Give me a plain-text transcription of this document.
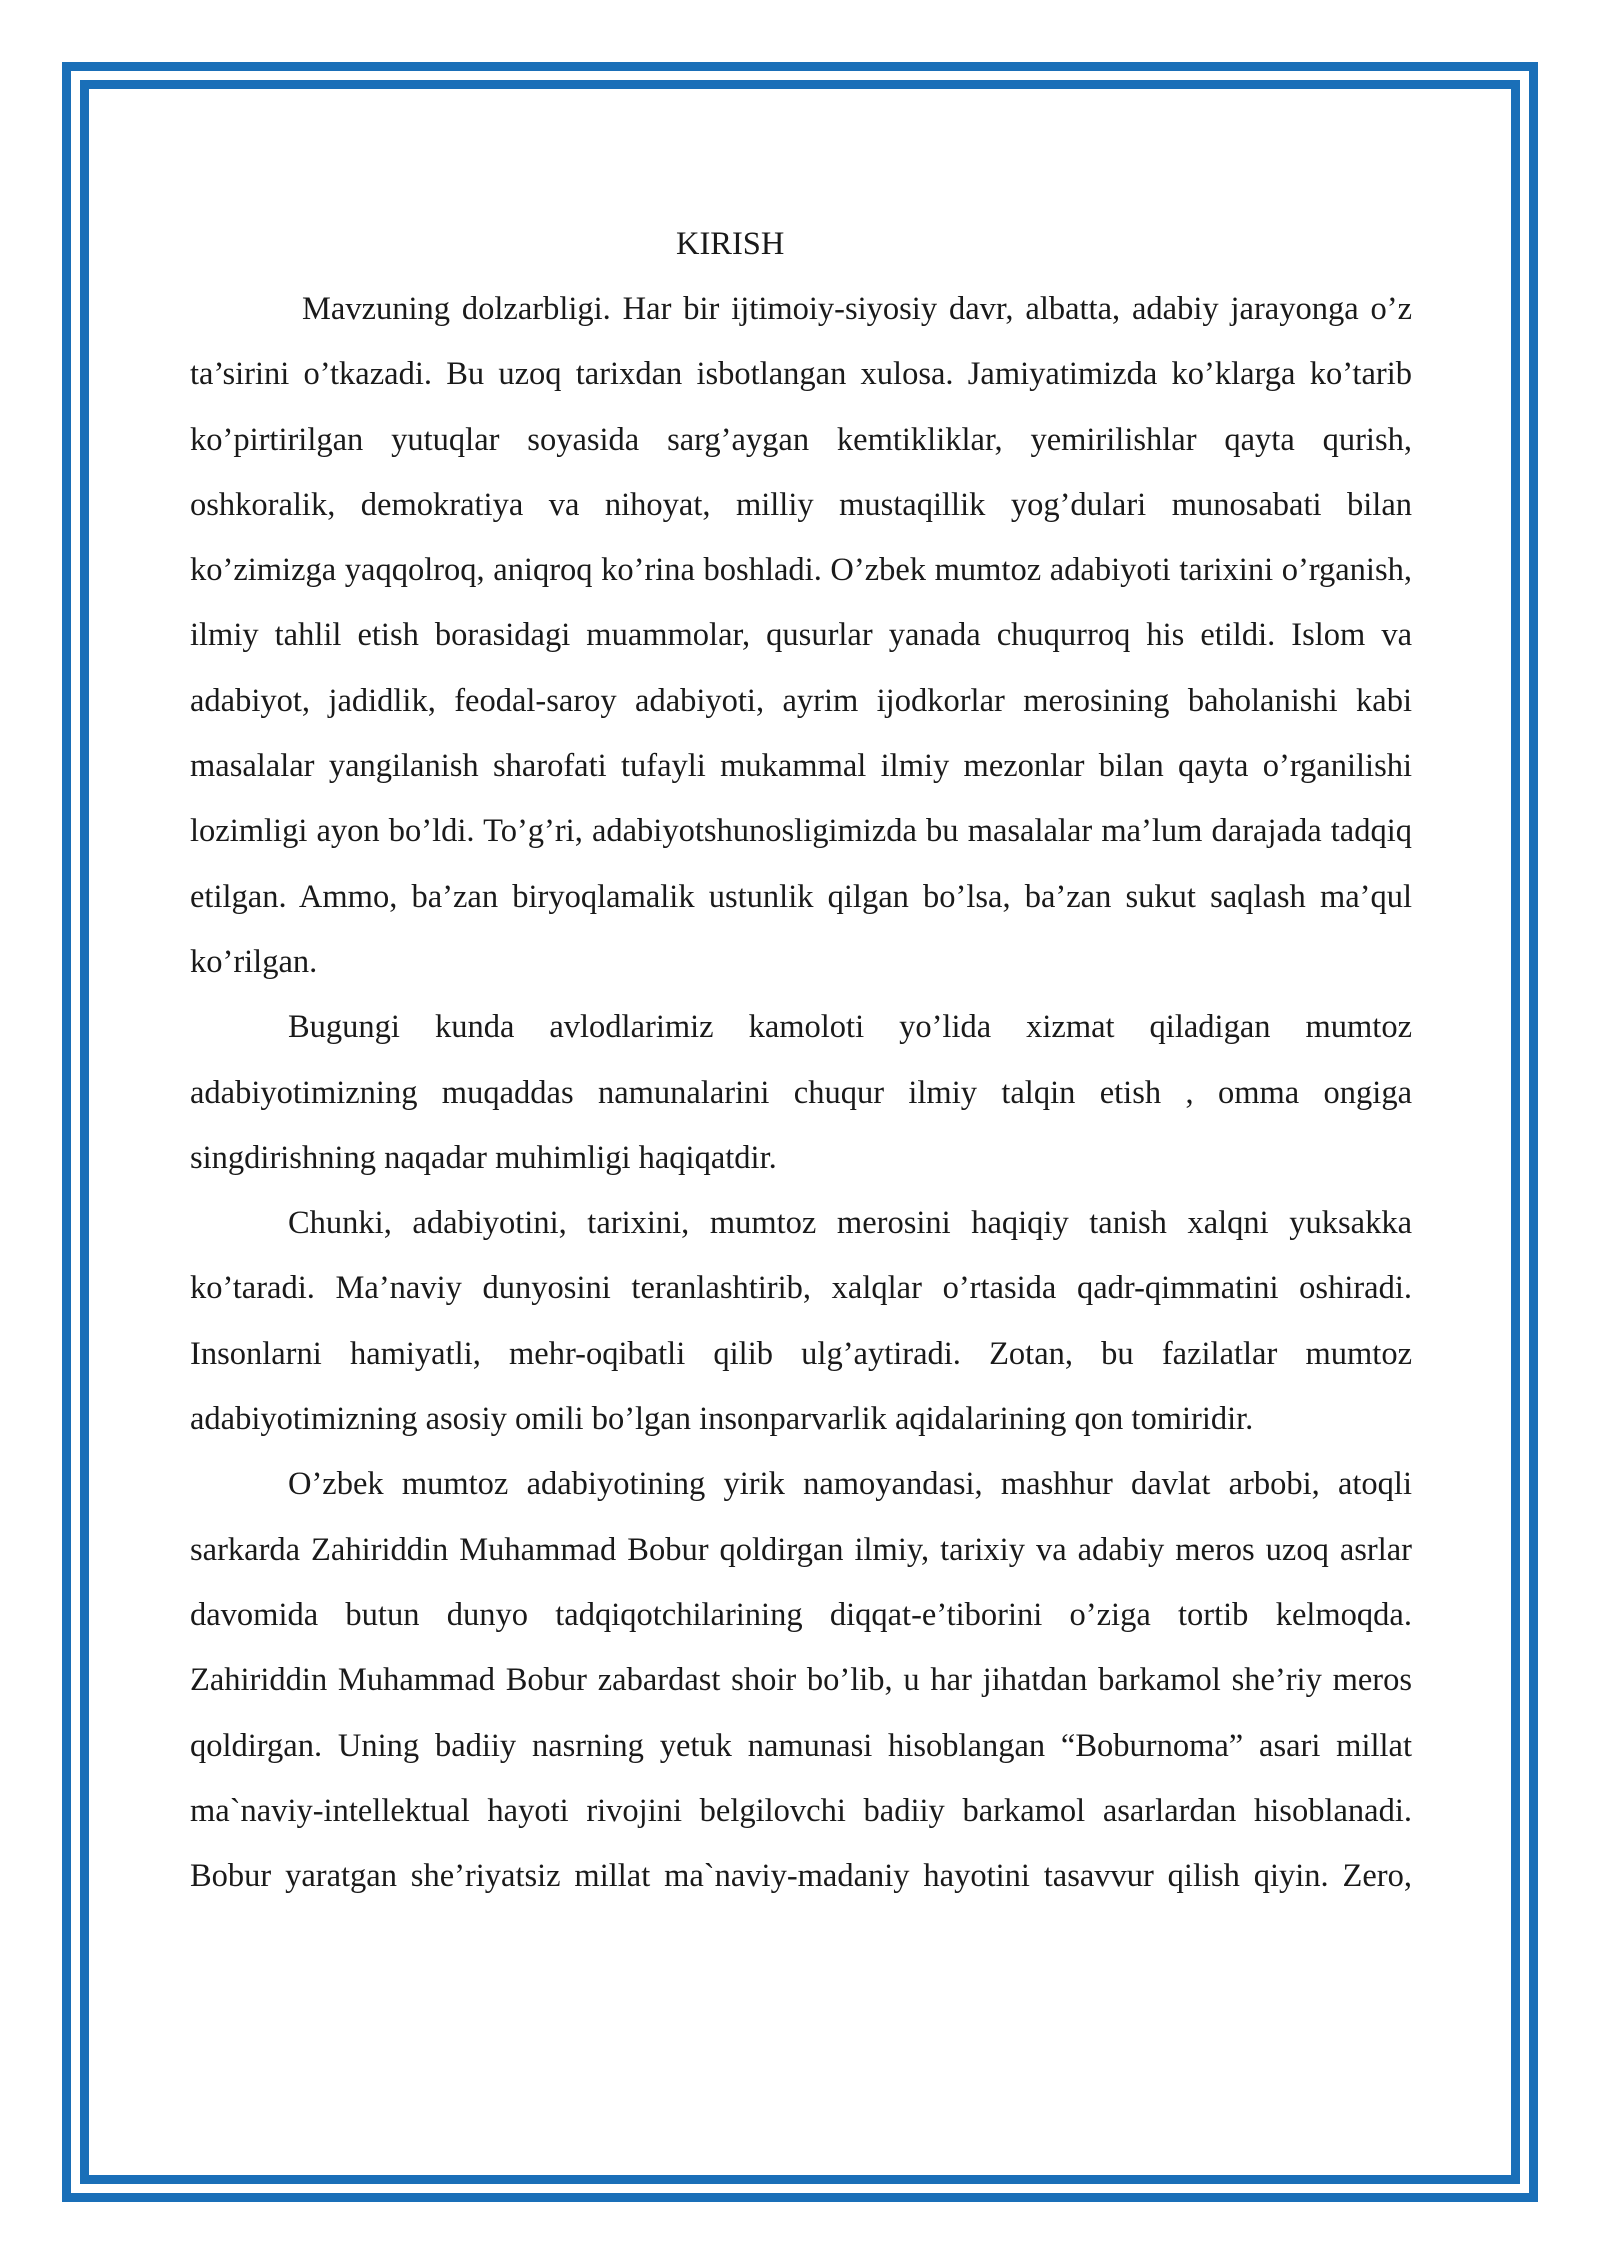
KIRISH

Mavzuning dolzarbligi. Har bir ijtimoiy-siyosiy davr, albatta, adabiy jarayonga o’z ta’sirini o’tkazadi. Bu uzoq tarixdan isbotlangan xulosa. Jamiyatimizda ko’klarga ko’tarib ko’pirtirilgan yutuqlar soyasida sarg’aygan kemtikliklar, yemirilishlar qayta qurish, oshkoralik, demokratiya va nihoyat, milliy mustaqillik yog’dulari munosabati bilan ko’zimizga yaqqolroq, aniqroq ko’rina boshladi. O’zbek mumtoz adabiyoti tarixini o’rganish, ilmiy tahlil etish borasidagi muammolar, qusurlar yanada chuqurroq his etildi. Islom va adabiyot, jadidlik, feodal-saroy adabiyoti, ayrim ijodkorlar merosining baholanishi kabi masalalar yangilanish sharofati tufayli mukammal ilmiy mezonlar bilan qayta o’rganilishi lozimligi ayon bo’ldi. To’g’ri, adabiyotshunosligimizda bu masalalar ma’lum darajada tadqiq etilgan. Ammo, ba’zan biryoqlamalik ustunlik qilgan bo’lsa, ba’zan sukut saqlash ma’qul ko’rilgan.

Bugungi kunda avlodlarimiz kamoloti yo’lida xizmat qiladigan mumtoz adabiyotimizning muqaddas namunalarini chuqur ilmiy talqin etish , omma ongiga singdirishning naqadar muhimligi haqiqatdir.

Chunki, adabiyotini, tarixini, mumtoz merosini haqiqiy tanish xalqni yuksakka ko’taradi. Ma’naviy dunyosini teranlashtirib, xalqlar o’rtasida qadr-qimmatini oshiradi. Insonlarni hamiyatli, mehr-oqibatli qilib ulg’aytiradi. Zotan, bu fazilatlar mumtoz adabiyotimizning asosiy omili bo’lgan insonparvarlik aqidalarining qon tomiridir.

O’zbek mumtoz adabiyotining yirik namoyandasi, mashhur davlat arbobi, atoqli sarkarda Zahiriddin Muhammad Bobur qoldirgan ilmiy, tarixiy va adabiy meros uzoq asrlar davomida butun dunyo tadqiqotchilarining diqqat-e’tiborini o’ziga tortib kelmoqda. Zahiriddin Muhammad Bobur zabardast shoir bo’lib, u har jihatdan barkamol she’riy meros qoldirgan. Uning badiiy nasrning yetuk namunasi hisoblangan “Boburnoma” asari millat ma`naviy-intellektual hayoti rivojini belgilovchi badiiy barkamol asarlardan hisoblanadi. Bobur yaratgan she’riyatsiz millat ma`naviy-madaniy hayotini tasavvur qilish qiyin. Zero,
